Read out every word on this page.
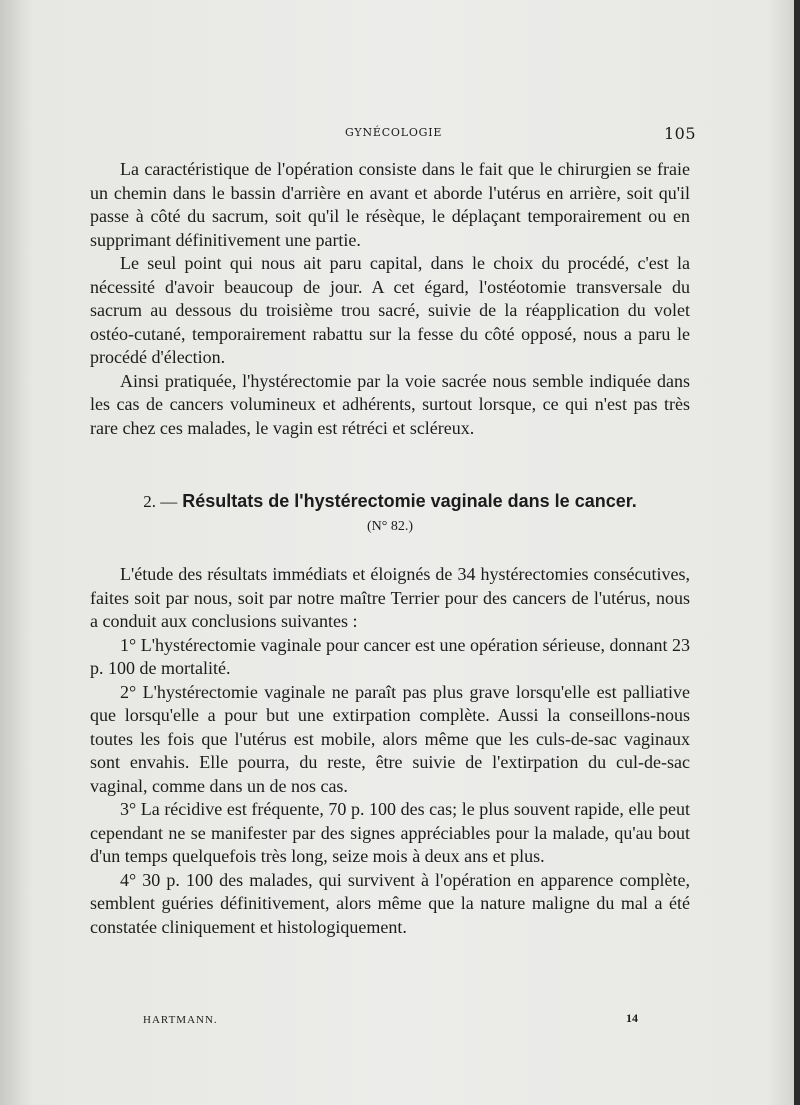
GYNÉCOLOGIE	105

La caractéristique de l'opération consiste dans le fait que le chirurgien se fraie un chemin dans le bassin d'arrière en avant et aborde l'utérus en arrière, soit qu'il passe à côté du sacrum, soit qu'il le résèque, le déplaçant temporairement ou en supprimant définitivement une partie.

Le seul point qui nous ait paru capital, dans le choix du procédé, c'est la nécessité d'avoir beaucoup de jour. A cet égard, l'ostéotomie transversale du sacrum au dessous du troisième trou sacré, suivie de la réapplication du volet ostéo-cutané, temporairement rabattu sur la fesse du côté opposé, nous a paru le procédé d'élection.

Ainsi pratiquée, l'hystérectomie par la voie sacrée nous semble indiquée dans les cas de cancers volumineux et adhérents, surtout lorsque, ce qui n'est pas très rare chez ces malades, le vagin est rétréci et scléreux.

2. — Résultats de l'hystérectomie vaginale dans le cancer.
(N° 82.)

L'étude des résultats immédiats et éloignés de 34 hystérectomies consécutives, faites soit par nous, soit par notre maître Terrier pour des cancers de l'utérus, nous a conduit aux conclusions suivantes :

1° L'hystérectomie vaginale pour cancer est une opération sérieuse, donnant 23 p. 100 de mortalité.

2° L'hystérectomie vaginale ne paraît pas plus grave lorsqu'elle est palliative que lorsqu'elle a pour but une extirpation complète. Aussi la conseillons-nous toutes les fois que l'utérus est mobile, alors même que les culs-de-sac vaginaux sont envahis. Elle pourra, du reste, être suivie de l'extirpation du cul-de-sac vaginal, comme dans un de nos cas.

3° La récidive est fréquente, 70 p. 100 des cas; le plus souvent rapide, elle peut cependant ne se manifester par des signes appréciables pour la malade, qu'au bout d'un temps quelquefois très long, seize mois à deux ans et plus.

4° 30 p. 100 des malades, qui survivent à l'opération en apparence complète, semblent guéries définitivement, alors même que la nature maligne du mal a été constatée cliniquement et histologiquement.

HARTMANN.	14
